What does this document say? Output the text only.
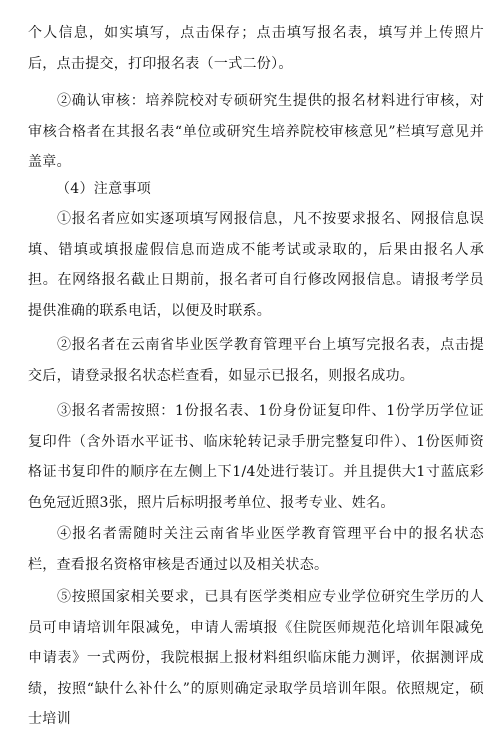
个人信息，如实填写，点击保存；点击填写报名表，填写并上传照片后，点击提交，打印报名表（一式二份）。

②确认审核：培养院校对专硕研究生提供的报名材料进行审核，对审核合格者在其报名表“单位或研究生培养院校审核意见”栏填写意见并盖章。

（4）注意事项

①报名者应如实逐项填写网报信息，凡不按要求报名、网报信息误填、错填或填报虚假信息而造成不能考试或录取的，后果由报名人承担。在网络报名截止日期前，报名者可自行修改网报信息。请报考学员提供准确的联系电话，以便及时联系。

②报名者在云南省毕业医学教育管理平台上填写完报名表，点击提交后，请登录报名状态栏查看，如显示已报名，则报名成功。

③报名者需按照：1份报名表、1份身份证复印件、1份学历学位证复印件（含外语水平证书、临床轮转记录手册完整复印件）、1份医师资格证书复印件的顺序在左侧上下1/4处进行装订。并且提供大1寸蓝底彩色免冠近照3张，照片后标明报考单位、报考专业、姓名。

④报名者需随时关注云南省毕业医学教育管理平台中的报名状态栏，查看报名资格审核是否通过以及相关状态。

⑤按照国家相关要求，已具有医学类相应专业学位研究生学历的人员可申请培训年限减免，申请人需填报《住院医师规范化培训年限减免申请表》一式两份，我院根据上报材料组织临床能力测评，依据测评成绩，按照“缺什么补什么”的原则确定录取学员培训年限。依照规定，硕士培训
